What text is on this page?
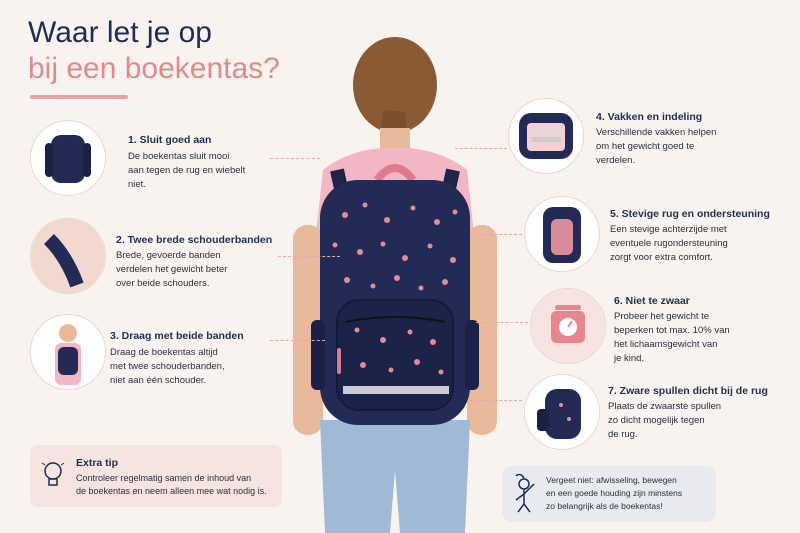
Waar let je op
bij een boekentas?
1. Sluit goed aan
De boekentas sluit mooi
aan tegen de rug en wiebelt
niet.
2. Twee brede schouderbanden
Brede, gevoerde banden
verdelen het gewicht beter
over beide schouders.
3. Draag met beide banden
Draag de boekentas altijd
met twee schouderbanden,
niet aan één schouder.
4. Vakken en indeling
Verschillende vakken helpen
om het gewicht goed te
verdelen.
5. Stevige rug en ondersteuning
Een stevige achterzijde met
eventuele rugondersteuning
zorgt voor extra comfort.
6. Niet te zwaar
Probeer het gewicht te
beperken tot max. 10% van
het lichaamsgewicht van
je kind.
7. Zware spullen dicht bij de rug
Plaats de zwaarste spullen
zo dicht mogelijk tegen
de rug.
Extra tip
Controleer regelmatig samen de inhoud van
de boekentas en neem alleen mee wat nodig is.
Vergeet niet: afwisseling, bewegen
en een goede houding zijn minstens
zo belangrijk als de boekentas!
